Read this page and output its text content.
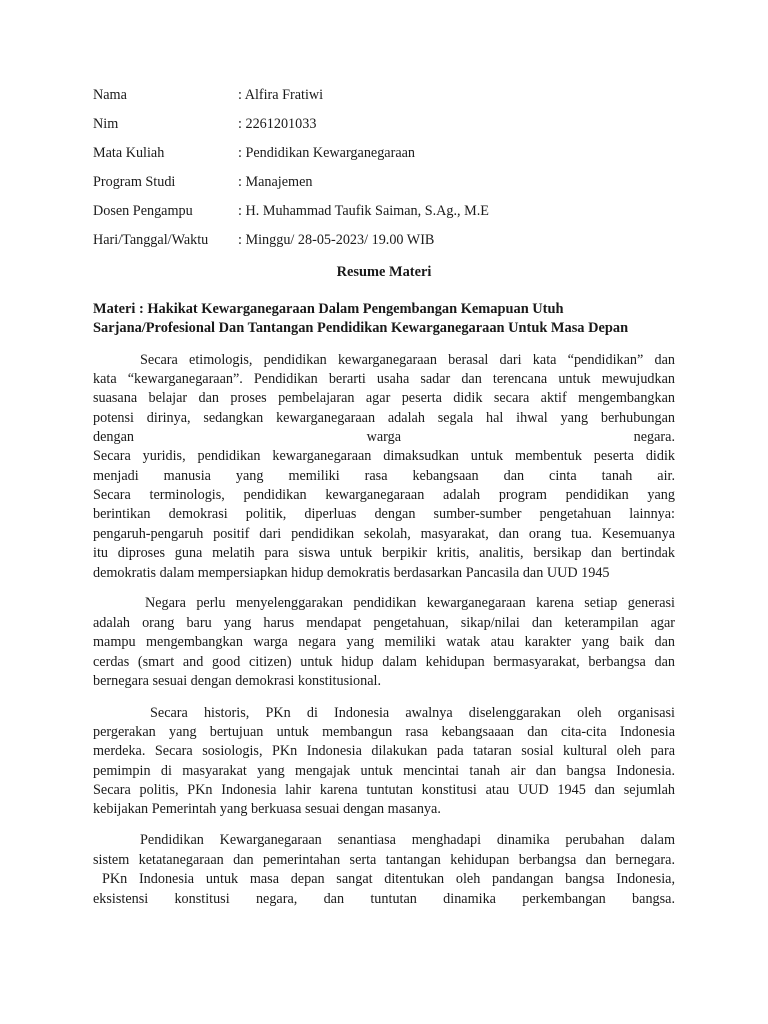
Nama	: Alfira Fratiwi
Nim	: 2261201033
Mata Kuliah	: Pendidikan Kewarganegaraan
Program Studi	: Manajemen
Dosen Pengampu	: H. Muhammad Taufik Saiman, S.Ag., M.E
Hari/Tanggal/Waktu : Minggu/ 28-05-2023/ 19.00 WIB
Resume Materi
Materi : Hakikat Kewarganegaraan Dalam Pengembangan Kemapuan Utuh
Sarjana/Profesional Dan Tantangan Pendidikan Kewarganegaraan Untuk Masa Depan
Secara etimologis, pendidikan kewarganegaraan berasal dari kata “pendidikan” dan
kata “kewarganegaraan”. Pendidikan berarti usaha sadar dan terencana untuk mewujudkan
suasana belajar dan proses pembelajaran agar peserta didik secara aktif mengembangkan
potensi dirinya, sedangkan kewarganegaraan adalah segala hal ihwal yang berhubungan
dengan warga negara.
Secara yuridis, pendidikan kewarganegaraan dimaksudkan untuk membentuk peserta didik
menjadi manusia yang memiliki rasa kebangsaan dan cinta tanah air.
Secara terminologis, pendidikan kewarganegaraan adalah program pendidikan yang
berintikan demokrasi politik, diperluas dengan sumber-sumber pengetahuan lainnya:
pengaruh-pengaruh positif dari pendidikan sekolah, masyarakat, dan orang tua. Kesemuanya
itu diproses guna melatih para siswa untuk berpikir kritis, analitis, bersikap dan bertindak
demokratis dalam mempersiapkan hidup demokratis berdasarkan Pancasila dan UUD 1945
Negara perlu menyelenggarakan pendidikan kewarganegaraan karena setiap generasi
adalah orang baru yang harus mendapat pengetahuan, sikap/nilai dan keterampilan agar
mampu mengembangkan warga negara yang memiliki watak atau karakter yang baik dan
cerdas (smart and good citizen) untuk hidup dalam kehidupan bermasyarakat, berbangsa dan
bernegara sesuai dengan demokrasi konstitusional.
Secara historis, PKn di Indonesia awalnya diselenggarakan oleh organisasi
pergerakan yang bertujuan untuk membangun rasa kebangsaaan dan cita-cita Indonesia
merdeka. Secara sosiologis, PKn Indonesia dilakukan pada tataran sosial kultural oleh para
pemimpin di masyarakat yang mengajak untuk mencintai tanah air dan bangsa Indonesia.
Secara politis, PKn Indonesia lahir karena tuntutan konstitusi atau UUD 1945 dan sejumlah
kebijakan Pemerintah yang berkuasa sesuai dengan masanya.
Pendidikan Kewarganegaraan senantiasa menghadapi dinamika perubahan dalam
sistem ketatanegaraan dan pemerintahan serta tantangan kehidupan berbangsa dan bernegara.
PKn Indonesia untuk masa depan sangat ditentukan oleh pandangan bangsa Indonesia,
eksistensi konstitusi negara, dan tuntutan dinamika perkembangan bangsa.
